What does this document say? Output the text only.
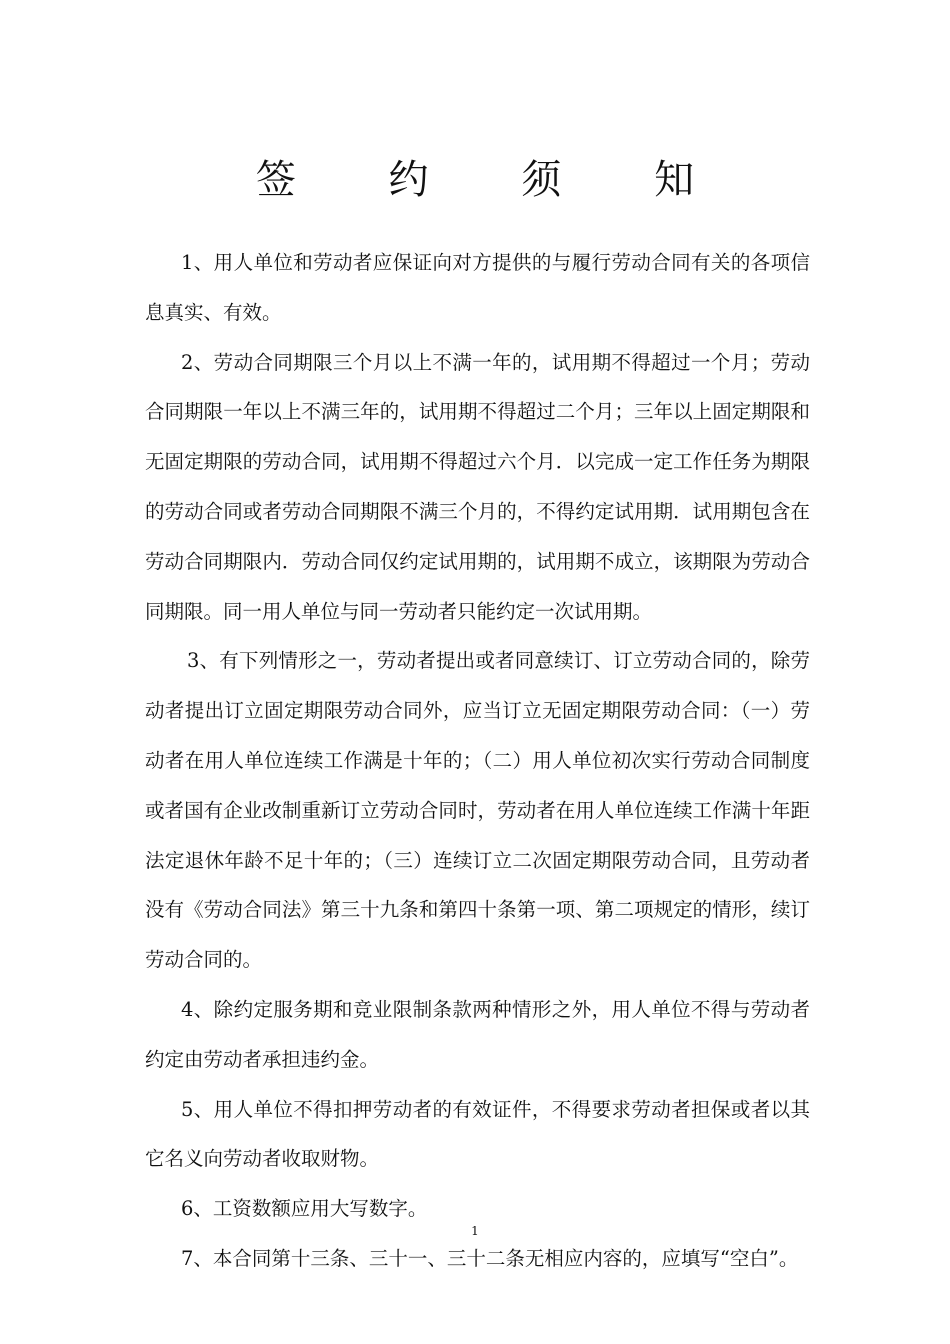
签 约 须 知

1、用人单位和劳动者应保证向对方提供的与履行劳动合同有关的各项信息真实、有效。

2、劳动合同期限三个月以上不满一年的，试用期不得超过一个月；劳动合同期限一年以上不满三年的，试用期不得超过二个月；三年以上固定期限和无固定期限的劳动合同，试用期不得超过六个月．以完成一定工作任务为期限的劳动合同或者劳动合同期限不满三个月的，不得约定试用期．试用期包含在劳动合同期限内．劳动合同仅约定试用期的，试用期不成立，该期限为劳动合同期限。同一用人单位与同一劳动者只能约定一次试用期。

3、有下列情形之一，劳动者提出或者同意续订、订立劳动合同的，除劳动者提出订立固定期限劳动合同外，应当订立无固定期限劳动合同：（一）劳动者在用人单位连续工作满是十年的；（二）用人单位初次实行劳动合同制度或者国有企业改制重新订立劳动合同时，劳动者在用人单位连续工作满十年距法定退休年龄不足十年的；（三）连续订立二次固定期限劳动合同，且劳动者没有《劳动合同法》第三十九条和第四十条第一项、第二项规定的情形，续订劳动合同的。

4、除约定服务期和竞业限制条款两种情形之外，用人单位不得与劳动者约定由劳动者承担违约金。

5、用人单位不得扣押劳动者的有效证件，不得要求劳动者担保或者以其它名义向劳动者收取财物。

6、工资数额应用大写数字。

7、本合同第十三条、三十一、三十二条无相应内容的，应填写“空白”。

1
